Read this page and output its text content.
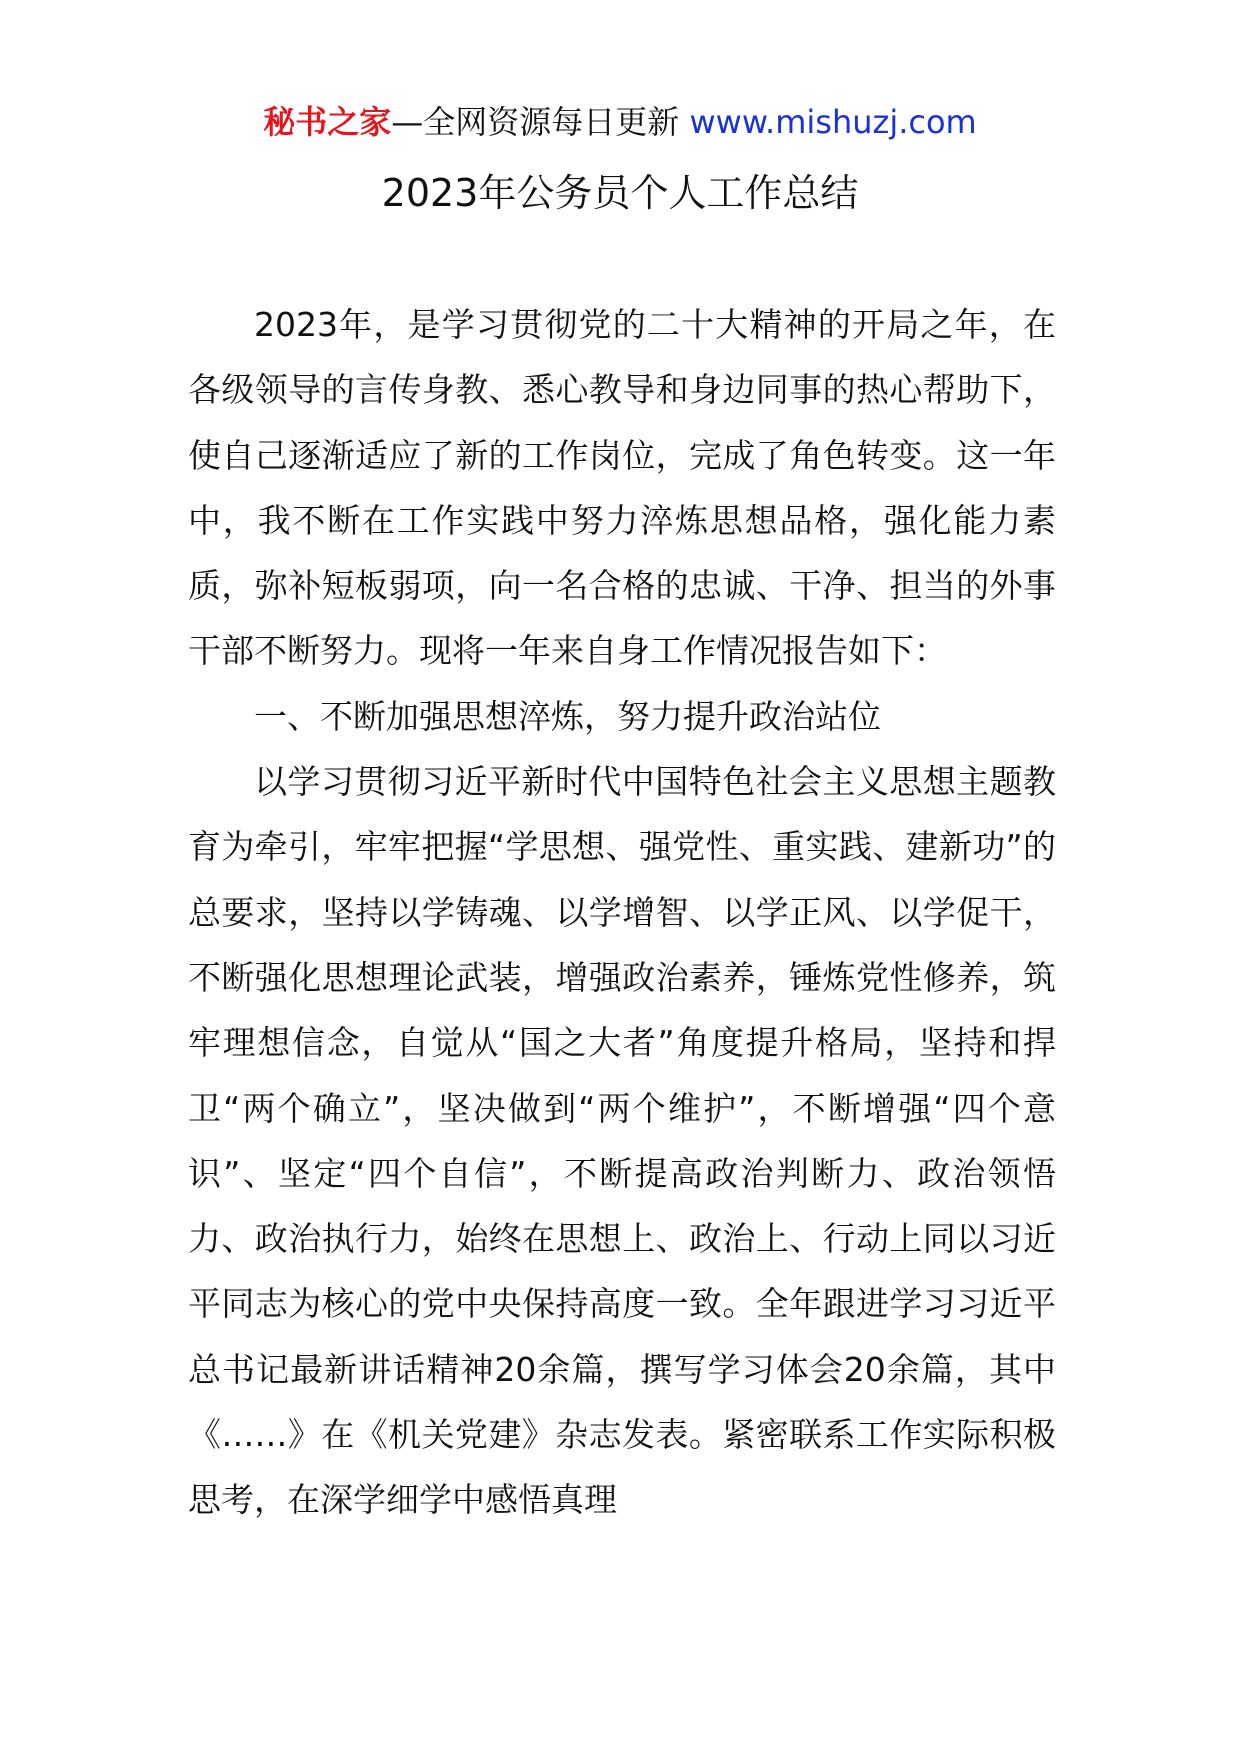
秘书之家—全网资源每日更新 www.mishuzj.com
2023年公务员个人工作总结

2023年，是学习贯彻党的二十大精神的开局之年，在各级领导的言传身教、悉心教导和身边同事的热心帮助下，使自己逐渐适应了新的工作岗位，完成了角色转变。这一年中，我不断在工作实践中努力淬炼思想品格，强化能力素质，弥补短板弱项，向一名合格的忠诚、干净、担当的外事干部不断努力。现将一年来自身工作情况报告如下：

一、不断加强思想淬炼，努力提升政治站位

以学习贯彻习近平新时代中国特色社会主义思想主题教育为牵引，牢牢把握“学思想、强党性、重实践、建新功”的总要求，坚持以学铸魂、以学增智、以学正风、以学促干，不断强化思想理论武装，增强政治素养，锤炼党性修养，筑牢理想信念，自觉从“国之大者”角度提升格局，坚持和捍卫“两个确立”，坚决做到“两个维护”，不断增强“四个意识”、坚定“四个自信”，不断提高政治判断力、政治领悟力、政治执行力，始终在思想上、政治上、行动上同以习近平同志为核心的党中央保持高度一致。全年跟进学习习近平总书记最新讲话精神20余篇，撰写学习体会20余篇，其中《……》在《机关党建》杂志发表。紧密联系工作实际积极思考，在深学细学中感悟真理
